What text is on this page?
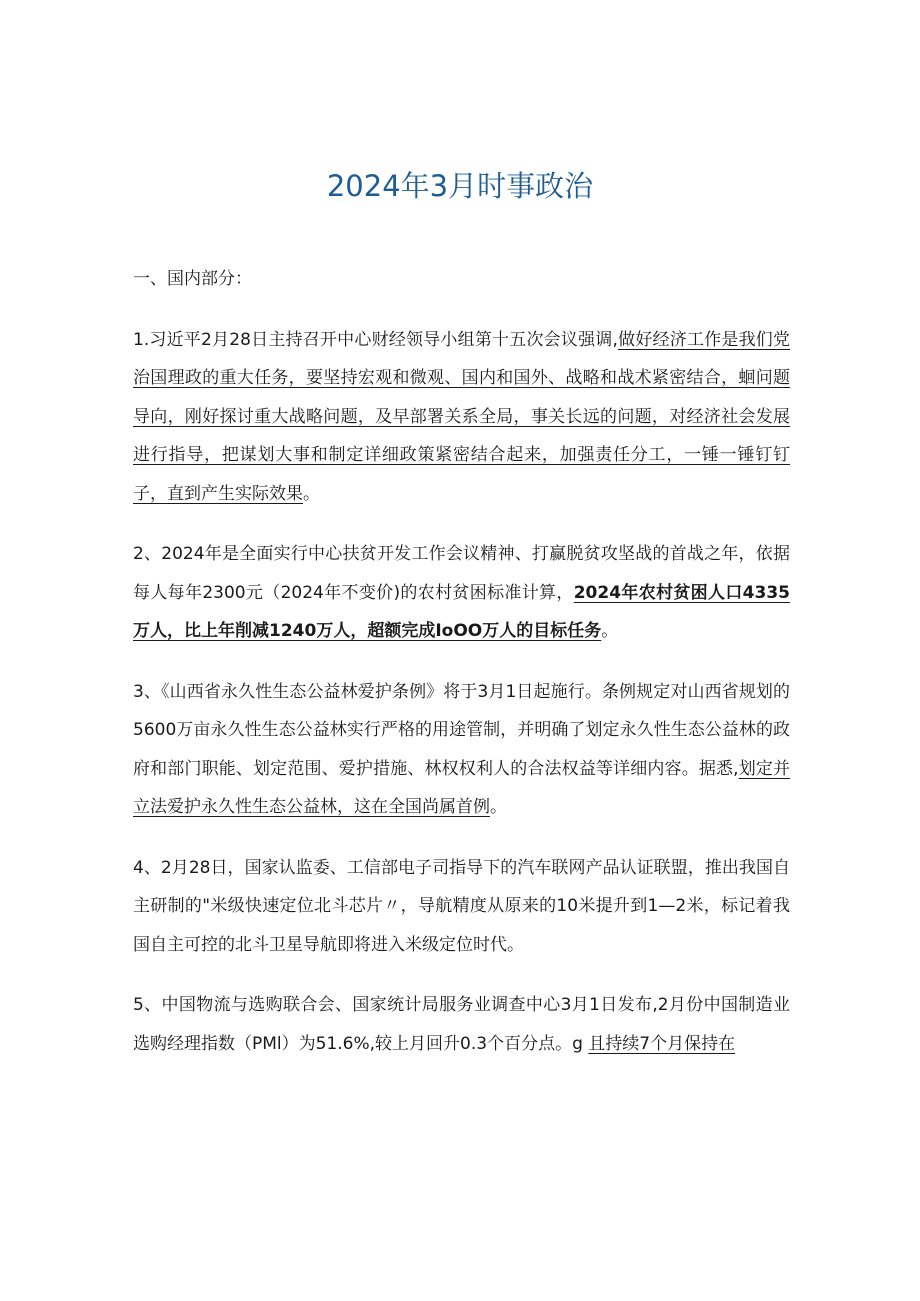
2024年3月时事政治

一、国内部分：

1.习近平2月28日主持召开中心财经领导小组第十五次会议强调,做好经济工作是我们党治国理政的重大任务，要坚持宏观和微观、国内和国外、战略和战术紧密结合，蛔问题导向，刚好探讨重大战略问题，及早部署关系全局，事关长远的问题，对经济社会发展进行指导，把谋划大事和制定详细政策紧密结合起来，加强责任分工，一锤一锤钉钉子，直到产生实际效果。

2、2024年是全面实行中心扶贫开发工作会议精神、打赢脱贫攻坚战的首战之年，依据每人每年2300元（2024年不变价)的农村贫困标准计算，2024年农村贫困人口4335万人，比上年削减1240万人，超额完成IoOO万人的目标任务。

3、《山西省永久性生态公益林爱护条例》将于3月1日起施行。条例规定对山西省规划的5600万亩永久性生态公益林实行严格的用途管制，并明确了划定永久性生态公益林的政府和部门职能、划定范围、爱护措施、林权权利人的合法权益等详细内容。据悉,划定并立法爱护永久性生态公益林，这在全国尚属首例。

4、2月28日，国家认监委、工信部电子司指导下的汽车联网产品认证联盟，推出我国自主研制的"米级快速定位北斗芯片〃，导航精度从原来的10米提升到1—2米，标记着我国自主可控的北斗卫星导航即将进入米级定位时代。

5、中国物流与选购联合会、国家统计局服务业调查中心3月1日发布,2月份中国制造业选购经理指数（PMl）为51.6%,较上月回升0.3个百分点。g 且持续7个月保持在
